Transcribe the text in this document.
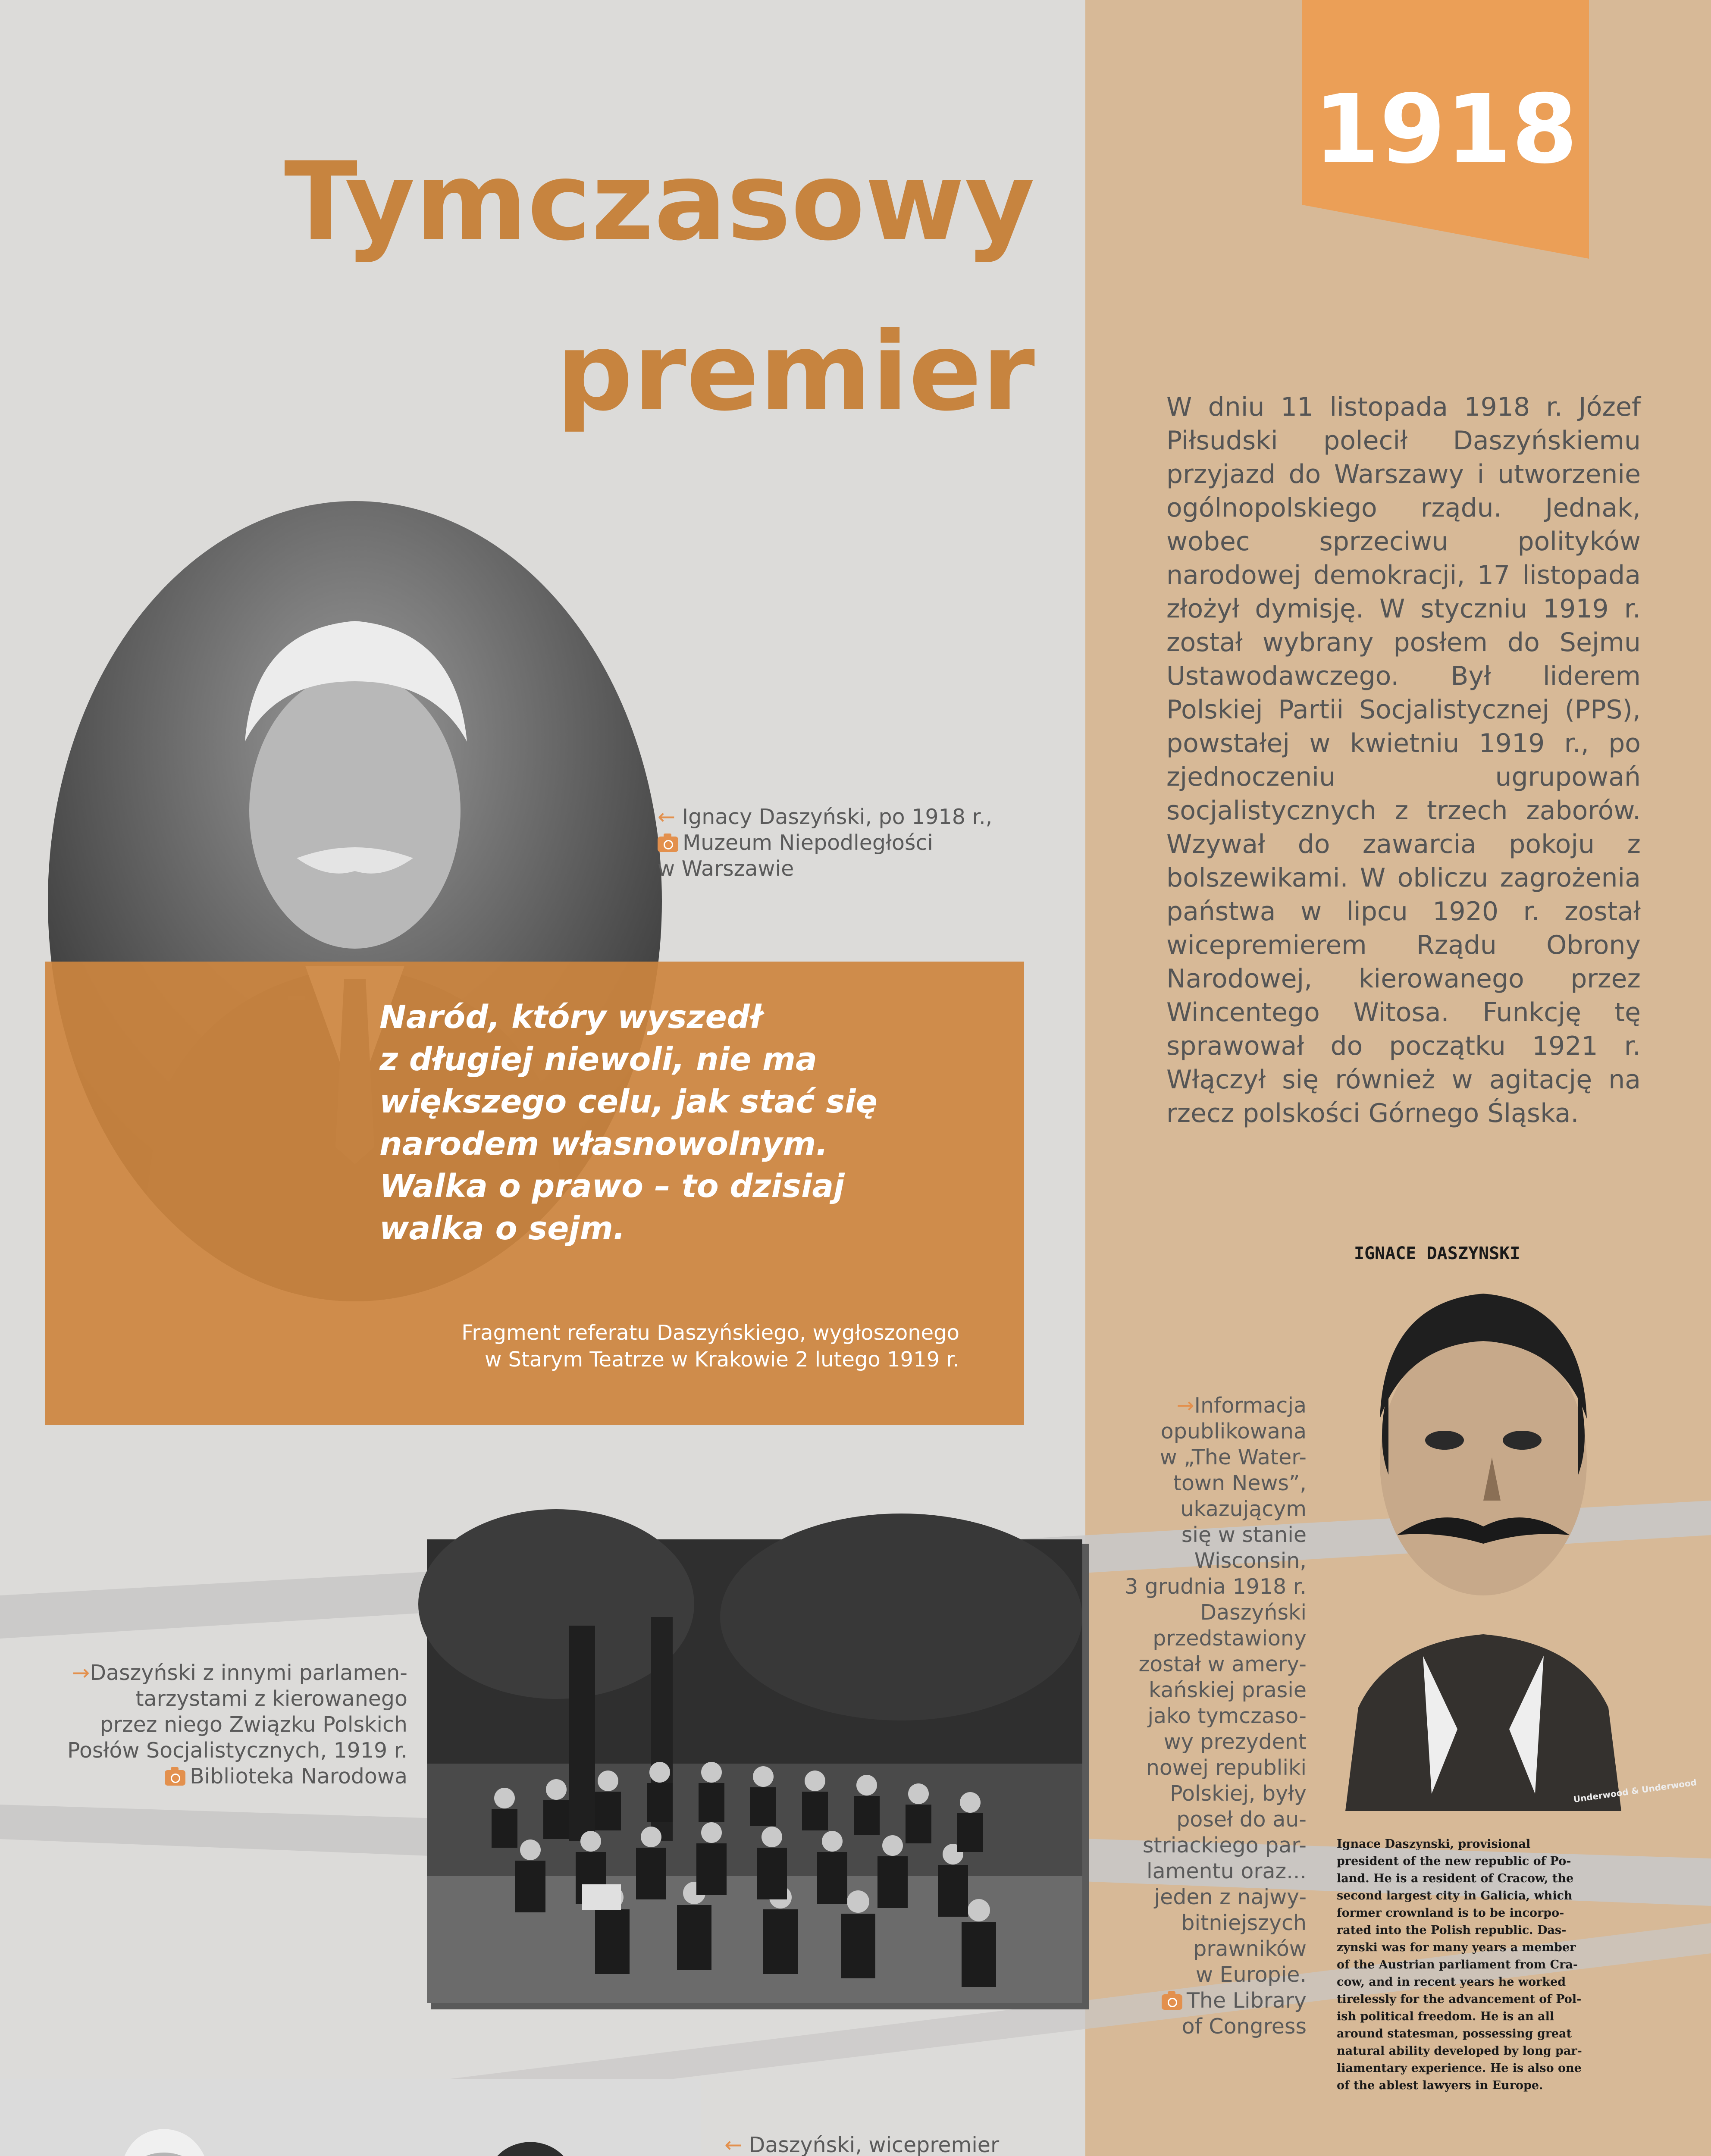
1918
Tymczasowy
premier	W dniu 11 listopada 1918 r. Józef Piłsudski polecił Daszyńskiemu przyjazd do Warszawy i utworzenie ogólnopolskiego rządu. Jednak, wobec sprzeciwu polityków narodowej demokracji, 17 listopada złożył dymisję. W styczniu 1919 r. został wybrany posłem do Sejmu Ustawodawczego. Był liderem Polskiej Partii Socjalistycznej (PPS), powstałej w kwietniu 1919 r., po zjednoczeniu ugrupowań socjalistycznych z trzech zaborów. Wzywał do zawarcia pokoju z bolszewikami. W obliczu zagrożenia państwa w lipcu 1920 r. został wicepremierem Rządu Obrony Narodowej, kierowanego przez Wincentego Witosa. Funkcję tę sprawował do początku 1921 r. Włączył się również w agitację na rzecz polskości Górnego Śląska.
← Ignacy Daszyński, po 1918 r.,
Muzeum Niepodległości
w Warszawie
Naród, który wyszedł
z długiej niewoli, nie ma
większego celu, jak stać się
narodem własnowolnym.
Walka o prawo – to dzisiaj
walka o sejm.
Fragment referatu Daszyńskiego, wygłoszonego
w Starym Teatrze w Krakowie 2 lutego 1919 r.
→Daszyński z innymi parlamen-
tarzystami z kierowanego
przez niego Związku Polskich
Posłów Socjalistycznych, 1919 r.
Biblioteka Narodowa
← Daszyński, wicepremier
IGNACE DASZYNSKI
Underwood & Underwood
Ignace Daszynski, provisional
president of the new republic of Po-
land. He is a resident of Cracow, the
second largest city in Galicia, which
former crownland is to be incorpo-
rated into the Polish republic. Das-
zynski was for many years a member
of the Austrian parliament from Cra-
cow, and in recent years he worked
tirelessly for the advancement of Pol-
ish political freedom. He is an all
around statesman, possessing great
natural ability developed by long par-
liamentary experience. He is also one
of the ablest lawyers in Europe.
→Informacja
opublikowana
w „The Water-
town News”,
ukazującym
się w stanie
Wisconsin,
3 grudnia 1918 r.
Daszyński
przedstawiony
został w amery-
kańskiej prasie
jako tymczaso-
wy prezydent
nowej republiki
Polskiej, były
poseł do au-
striackiego par-
lamentu oraz...
jeden z najwy-
bitniejszych
prawników
w Europie.
The Library
of Congress
